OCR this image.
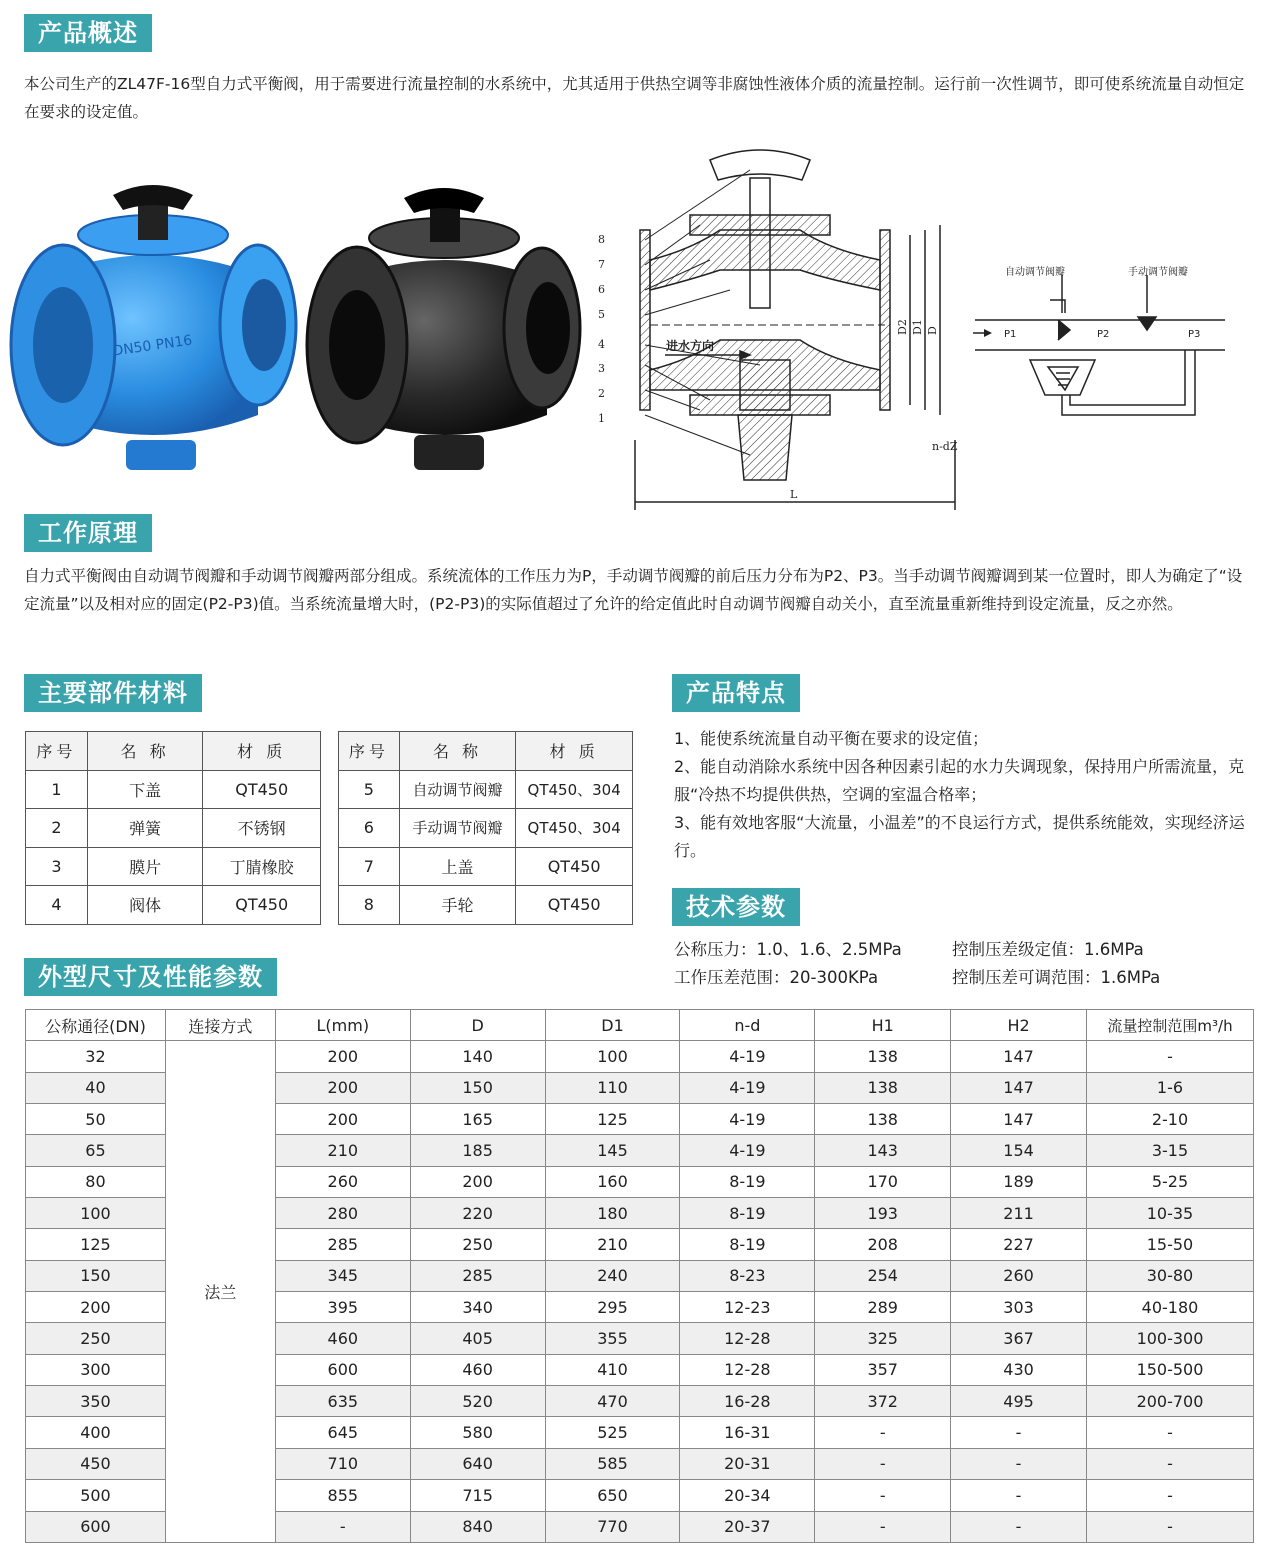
产品概述
本公司生产的ZL47F-16型自力式平衡阀，用于需要进行流量控制的水系统中，尤其适用于供热空调等非腐蚀性液体介质的流量控制。运行前一次性调节，即可使系统流量自动恒定在要求的设定值。
DN50 PN16
8
7
6
5
4
3
2
1
进水方向
D2 D1 D
n-dZ
L
自动调节阀瓣	手动调节阀瓣
P1	P2	P3
工作原理
自力式平衡阀由自动调节阀瓣和手动调节阀瓣两部分组成。系统流体的工作压力为P，手动调节阀瓣的前后压力分布为P2、P3。当手动调节阀瓣调到某一位置时，即人为确定了“设定流量”以及相对应的固定(P2-P3)值。当系统流量增大时，(P2-P3)的实际值超过了允许的给定值此时自动调节阀瓣自动关小，直至流量重新维持到设定流量，反之亦然。
主要部件材料
序号	名 称	材 质
1	下盖	QT450
2	弹簧	不锈钢
3	膜片	丁腈橡胶
4	阀体	QT450
序号	名 称	材 质
5	自动调节阀瓣	QT450、304
6	手动调节阀瓣	QT450、304
7	上盖	QT450
8	手轮	QT450
产品特点
1、能使系统流量自动平衡在要求的设定值；
2、能自动消除水系统中因各种因素引起的水力失调现象，保持用户所需流量，克服“冷热不均提供供热，空调的室温合格率；
3、能有效地客服“大流量，小温差”的不良运行方式，提供系统能效，实现经济运行。
技术参数
公称压力：1.0、1.6、2.5MPa	控制压差级定值：1.6MPa
工作压差范围：20-300KPa	控制压差可调范围：1.6MPa
外型尺寸及性能参数
公称通径(DN)	连接方式	L(mm)	D	D1	n-d	H1	H2	流量控制范围m³/h
32	法兰	200	140	100	4-19	138	147	-
40		200	150	110	4-19	138	147	1-6
50		200	165	125	4-19	138	147	2-10
65		210	185	145	4-19	143	154	3-15
80		260	200	160	8-19	170	189	5-25
100		280	220	180	8-19	193	211	10-35
125		285	250	210	8-19	208	227	15-50
150		345	285	240	8-23	254	260	30-80
200		395	340	295	12-23	289	303	40-180
250		460	405	355	12-28	325	367	100-300
300		600	460	410	12-28	357	430	150-500
350		635	520	470	16-28	372	495	200-700
400		645	580	525	16-31	-	-	-
450		710	640	585	20-31	-	-	-
500		855	715	650	20-34	-	-	-
600		-	840	770	20-37	-	-	-
